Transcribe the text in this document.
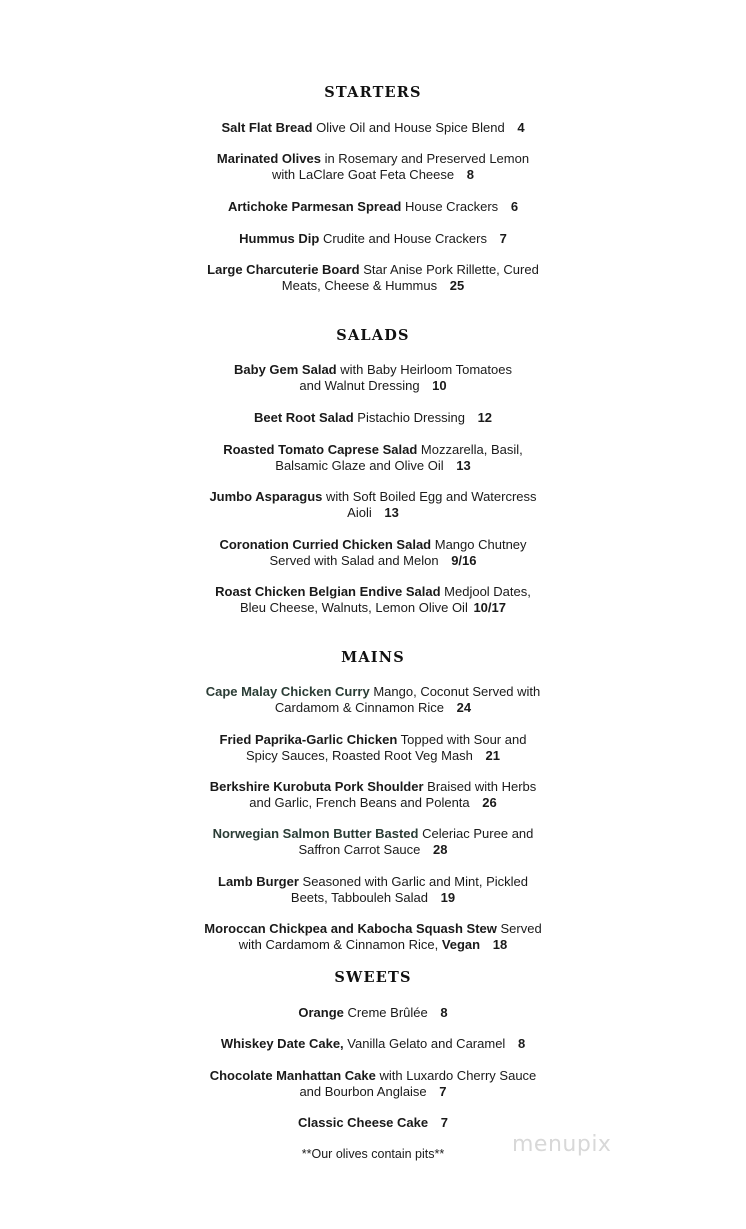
STARTERS
Salt Flat Bread Olive Oil and House Spice Blend 4
Marinated Olives in Rosemary and Preserved Lemon
with LaClare Goat Feta Cheese 8
Artichoke Parmesan Spread House Crackers 6
Hummus Dip Crudite and House Crackers 7
Large Charcuterie Board Star Anise Pork Rillette, Cured
Meats, Cheese & Hummus 25
SALADS
Baby Gem Salad with Baby Heirloom Tomatoes
and Walnut Dressing 10
Beet Root Salad Pistachio Dressing 12
Roasted Tomato Caprese Salad Mozzarella, Basil,
Balsamic Glaze and Olive Oil 13
Jumbo Asparagus with Soft Boiled Egg and Watercress
Aioli 13
Coronation Curried Chicken Salad Mango Chutney
Served with Salad and Melon 9/16
Roast Chicken Belgian Endive Salad Medjool Dates,
Bleu Cheese, Walnuts, Lemon Olive Oil 10/17
MAINS
Cape Malay Chicken Curry Mango, Coconut Served with
Cardamom & Cinnamon Rice 24
Fried Paprika-Garlic Chicken Topped with Sour and
Spicy Sauces, Roasted Root Veg Mash 21
Berkshire Kurobuta Pork Shoulder Braised with Herbs
and Garlic, French Beans and Polenta 26
Norwegian Salmon Butter Basted Celeriac Puree and
Saffron Carrot Sauce 28
Lamb Burger Seasoned with Garlic and Mint, Pickled
Beets, Tabbouleh Salad 19
Moroccan Chickpea and Kabocha Squash Stew Served
with Cardamom & Cinnamon Rice, Vegan 18
SWEETS
Orange Creme Brûlée 8
Whiskey Date Cake, Vanilla Gelato and Caramel 8
Chocolate Manhattan Cake with Luxardo Cherry Sauce
and Bourbon Anglaise 7
Classic Cheese Cake 7
**Our olives contain pits**	menupix
